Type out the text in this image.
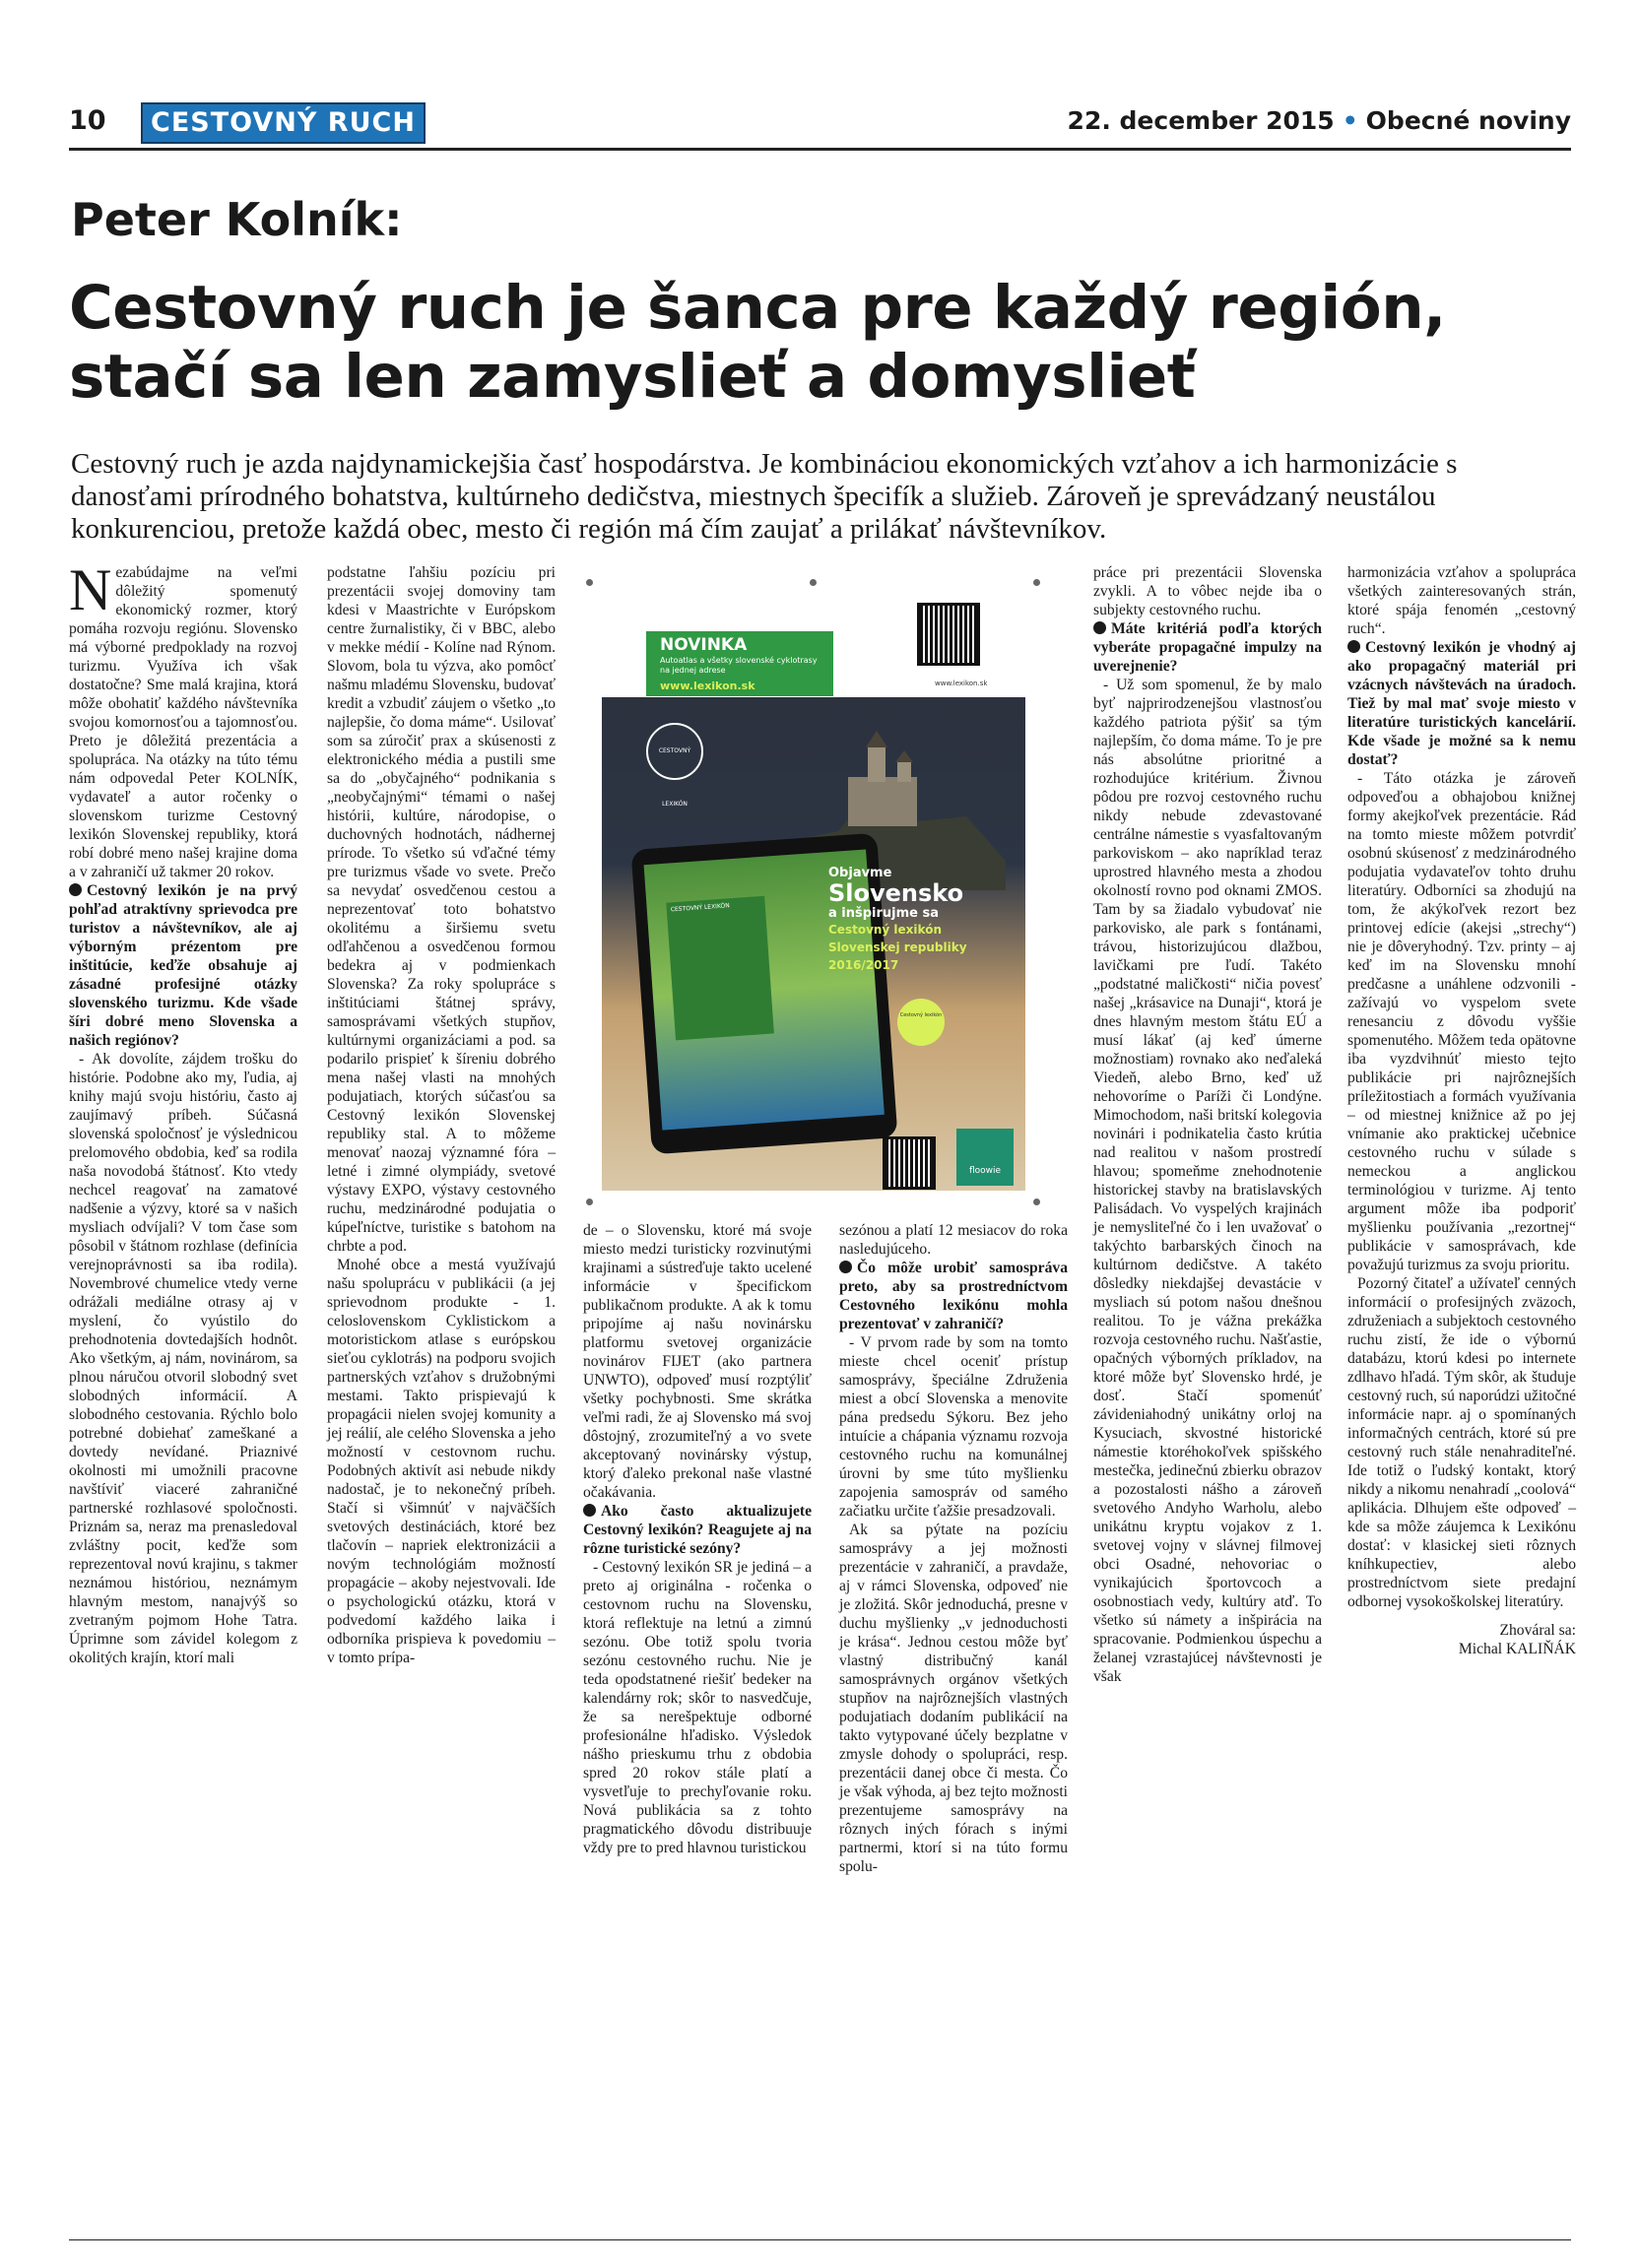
10	CESTOVNÝ RUCH	22. december 2015 • Obecné noviny
Peter Kolník:
Cestovný ruch je šanca pre každý región,
stačí sa len zamyslieť a domyslieť
Cestovný ruch je azda najdynamickejšia časť hospodárstva. Je kombináciou ekonomických vzťahov a ich harmonizácie s danosťami prírodného bohatstva, kultúrneho dedičstva, miestnych špecifík a služieb. Zároveň je sprevádzaný neustálou konkurenciou, pretože každá obec, mesto či región má čím zaujať a prilákať návštevníkov.

Nezabúdajme na veľmi dôležitý spomenutý ekonomický rozmer, ktorý pomáha rozvoju regiónu. Slovensko má výborné predpoklady na rozvoj turizmu. Využíva ich však dostatočne? Sme malá krajina, ktorá môže obohatiť každého návštevníka svojou komornosťou a tajomnosťou. Preto je dôležitá prezentácia a spolupráca. Na otázky na túto tému nám odpovedal Peter KOLNÍK, vydavateľ a autor ročenky o slovenskom turizme Cestovný lexikón Slovenskej republiky, ktorá robí dobré meno našej krajine doma a v zahraničí už takmer 20 rokov.

Cestovný lexikón je na prvý pohľad atraktívny sprievodca pre turistov a návštevníkov, ale aj výborným prézentom pre inštitúcie, keďže obsahuje aj zásadné profesijné otázky slovenského turizmu. Kde všade šíri dobré meno Slovenska a našich regiónov?

- Ak dovolíte, zájdem trošku do histórie. Podobne ako my, ľudia, aj knihy majú svoju históriu, často aj zaujímavý príbeh. Súčasná slovenská spoločnosť je výslednicou prelomového obdobia, keď sa rodila naša novodobá štátnosť. Kto vtedy nechcel reagovať na zamatové nadšenie a výzvy, ktoré sa v našich mysliach odvíjali? V tom čase som pôsobil v štátnom rozhlase (definícia verejnoprávnosti sa iba rodila). Novembrové chumelice vtedy verne odrážali mediálne otrasy aj v myslení, čo vyústilo do prehodnotenia dovtedajších hodnôt. Ako všetkým, aj nám, novinárom, sa plnou náručou otvoril slobodný svet slobodných informácií. A slobodného cestovania. Rýchlo bolo potrebné dobiehať zameškané a dovtedy nevídané. Priaznivé okolnosti mi umožnili pracovne navštíviť viaceré zahraničné partnerské rozhlasové spoločnosti. Priznám sa, neraz ma prenasledoval zvláštny pocit, keďže som reprezentoval novú krajinu, s takmer neznámou históriou, neznámym hlavným mestom, nanajvýš so zvetraným pojmom Hohe Tatra. Úprimne som závidel kolegom z okolitých krajín, ktorí mali

podstatne ľahšiu pozíciu pri prezentácii svojej domoviny tam kdesi v Maastrichte v Európskom centre žurnalistiky, či v BBC, alebo v mekke médií - Kolíne nad Rýnom. Slovom, bola tu výzva, ako pomôcť našmu mladému Slovensku, budovať kredit a vzbudiť záujem o všetko „to najlepšie, čo doma máme“. Usilovať som sa zúročiť prax a skúsenosti z elektronického média a pustili sme sa do „obyčajného“ podnikania s „neobyčajnými“ témami o našej histórii, kultúre, národopise, o duchovných hodnotách, nádhernej prírode. To všetko sú vďačné témy pre turizmus všade vo svete. Prečo sa nevydať osvedčenou cestou a neprezentovať toto bohatstvo okolitému a širšiemu svetu odľahčenou a osvedčenou formou bedekra aj v podmienkach Slovenska? Za roky spolupráce s inštitúciami štátnej správy, samosprávami všetkých stupňov, kultúrnymi organizáciami a pod. sa podarilo prispieť k šíreniu dobrého mena našej vlasti na mnohých podujatiach, ktorých súčasťou sa Cestovný lexikón Slovenskej republiky stal. A to môžeme menovať naozaj významné fóra – letné i zimné olympiády, svetové výstavy EXPO, výstavy cestovného ruchu, medzinárodné podujatia o kúpeľníctve, turistike s batohom na chrbte a pod.

Mnohé obce a mestá využívajú našu spoluprácu v publikácii (a jej sprievodnom produkte - 1. celoslovenskom Cyklistickom a motoristickom atlase s európskou sieťou cyklotrás) na podporu svojich partnerských vzťahov s družobnými mestami. Takto prispievajú k propagácii nielen svojej komunity a jej reálií, ale celého Slovenska a jeho možností v cestovnom ruchu. Podobných aktivít asi nebude nikdy nadostač, je to nekonečný príbeh. Stačí si všimnúť v najväčších svetových destináciách, ktoré bez tlačovín – napriek elektronizácii a novým technológiám možností propagácie – akoby nejestvovali. Ide o psychologickú otázku, ktorá v podvedomí každého laika i odborníka prispieva k povedomiu – v tomto prípa-

de – o Slovensku, ktoré má svoje miesto medzi turisticky rozvinutými krajinami a sústreďuje takto ucelené informácie v špecifickom publikačnom produkte. A ak k tomu pripojíme aj našu novinársku platformu svetovej organizácie novinárov FIJET (ako partnera UNWTO), odpoveď musí rozptýliť všetky pochybnosti. Sme skrátka veľmi radi, že aj Slovensko má svoj dôstojný, zrozumiteľný a vo svete akceptovaný novinársky výstup, ktorý ďaleko prekonal naše vlastné očakávania.

Ako často aktualizujete Cestovný lexikón? Reagujete aj na rôzne turistické sezóny?

- Cestovný lexikón SR je jediná – a preto aj originálna - ročenka o cestovnom ruchu na Slovensku, ktorá reflektuje na letnú a zimnú sezónu. Obe totiž spolu tvoria sezónu cestovného ruchu. Nie je teda opodstatnené riešiť bedeker na kalendárny rok; skôr to nasvedčuje, že sa nerešpektuje odborné profesionálne hľadisko. Výsledok nášho prieskumu trhu z obdobia spred 20 rokov stále platí a vysvetľuje to prechyľovanie roku. Nová publikácia sa z tohto pragmatického dôvodu distribuuje vždy pre to pred hlavnou turistickou

sezónou a platí 12 mesiacov do roka nasledujúceho.

Čo môže urobiť samospráva preto, aby sa prostredníctvom Cestovného lexikónu mohla prezentovať v zahraničí?

- V prvom rade by som na tomto mieste chcel oceniť prístup samosprávy, špeciálne Združenia miest a obcí Slovenska a menovite pána predsedu Sýkoru. Bez jeho intuície a chápania významu rozvoja cestovného ruchu na komunálnej úrovni by sme túto myšlienku zapojenia samospráv od samého začiatku určite ťažšie presadzovali.

Ak sa pýtate na pozíciu samosprávy a jej možnosti prezentácie v zahraničí, a pravdaže, aj v rámci Slovenska, odpoveď nie je zložitá. Skôr jednoduchá, presne v duchu myšlienky „v jednoduchosti je krása“. Jednou cestou môže byť vlastný distribučný kanál samosprávnych orgánov všetkých stupňov na najrôznejších vlastných podujatiach dodaním publikácií na takto vytypované účely bezplatne v zmysle dohody o spolupráci, resp. prezentácii danej obce či mesta. Čo je však výhoda, aj bez tejto možnosti prezentujeme samosprávy na rôznych iných fórach s inými partnermi, ktorí si na túto formu spolu-

práce pri prezentácii Slovenska zvykli. A to vôbec nejde iba o subjekty cestovného ruchu.

Máte kritériá podľa ktorých vyberáte propagačné impulzy na uverejnenie?

- Už som spomenul, že by malo byť najprirodzenejšou vlastnosťou každého patriota pýšiť sa tým najlepším, čo doma máme. To je pre nás absolútne prioritné a rozhodujúce kritérium. Živnou pôdou pre rozvoj cestovného ruchu nikdy nebude zdevastované centrálne námestie s vyasfaltovaným parkoviskom – ako napríklad teraz uprostred hlavného mesta a zhodou okolností rovno pod oknami ZMOS. Tam by sa žiadalo vybudovať nie parkovisko, ale park s fontánami, trávou, historizujúcou dlažbou, lavičkami pre ľudí. Takéto „podstatné maličkosti“ ničia povesť našej „krásavice na Dunaji“, ktorá je dnes hlavným mestom štátu EÚ a musí lákať (aj keď úmerne možnostiam) rovnako ako neďaleká Viedeň, alebo Brno, keď už nehovoríme o Paríži či Londýne. Mimochodom, naši britskí kolegovia novinári i podnikatelia často krútia nad realitou v našom prostredí hlavou; spomeňme znehodnotenie historickej stavby na bratislavských Palisádach. Vo vyspelých krajinách je nemysliteľné čo i len uvažovať o takýchto barbarských činoch na kultúrnom dedičstve. A takéto dôsledky niekdajšej devastácie v mysliach sú potom našou dnešnou realitou. To je vážna prekážka rozvoja cestovného ruchu. Našťastie, opačných výborných príkladov, na ktoré môže byť Slovensko hrdé, je dosť. Stačí spomenúť závideniahodný unikátny orloj na Kysuciach, skvostné historické námestie ktoréhokoľvek spišského mestečka, jedinečnú zbierku obrazov a pozostalosti nášho a zároveň svetového Andyho Warholu, alebo unikátnu kryptu vojakov z 1. svetovej vojny v slávnej filmovej obci Osadné, nehovoriac o vynikajúcich športovcoch a osobnostiach vedy, kultúry atď. To všetko sú námety a inšpirácia na spracovanie. Podmienkou úspechu a želanej vzrastajúcej návštevnosti je však

harmonizácia vzťahov a spolupráca všetkých zainteresovaných strán, ktoré spája fenomén „cestovný ruch“.

Cestovný lexikón je vhodný aj ako propagačný materiál pri vzácnych návštevách na úradoch. Tiež by mal mať svoje miesto v literatúre turistických kancelárií. Kde všade je možné sa k nemu dostať?

- Táto otázka je zároveň odpoveďou a obhajobou knižnej formy akejkoľvek prezentácie. Rád na tomto mieste môžem potvrdiť osobnú skúsenosť z medzinárodného podujatia vydavateľov tohto druhu literatúry. Odborníci sa zhodujú na tom, že akýkoľvek rezort bez printovej edície (akejsi „strechy“) nie je dôveryhodný. Tzv. printy – aj keď im na Slovensku mnohí predčasne a unáhlene odzvonili - zažívajú vo vyspelom svete renesanciu z dôvodu vyššie spomenutého. Môžem teda opätovne iba vyzdvihnúť miesto tejto publikácie pri najrôznejších príležitostiach a formách využívania – od miestnej knižnice až po jej vnímanie ako praktickej učebnice cestovného ruchu v súlade s nemeckou a anglickou terminológiou v turizme. Aj tento argument môže iba podporiť myšlienku používania „rezortnej“ publikácie v samosprávach, kde považujú turizmus za svoju prioritu.

Pozorný čitateľ a užívateľ cenných informácií o profesijných zväzoch, združeniach a subjektoch cestovného ruchu zistí, že ide o výbornú databázu, ktorú kdesi po internete zdlhavo hľadá. Tým skôr, ak študuje cestovný ruch, sú naporúdzi užitočné informácie napr. aj o spomínaných informačných centrách, ktoré sú pre cestovný ruch stále nenahraditeľné. Ide totiž o ľudský kontakt, ktorý nikdy a nikomu nenahradí „coolová“ aplikácia. Dlhujem ešte odpoveď – kde sa môže záujemca k Lexikónu dostať: v klasickej sieti rôznych kníhkupectiev, alebo prostredníctvom siete predajní odbornej vysokoškolskej literatúry.

Zhováral sa:
Michal KALIŇÁK
NOVINKA
Autoatlas a všetky slovenské cyklotrasy na jednej adrese
www.lexikon.sk	www.lexikon.sk
CESTOVNÝ LEXIKÓN
CESTOVNÝ LEXIKÓN
Objavme
Slovensko
a inšpirujme sa
Cestovný lexikón
Slovenskej republiky
2016/2017
Cestovný lexikón
floowie
